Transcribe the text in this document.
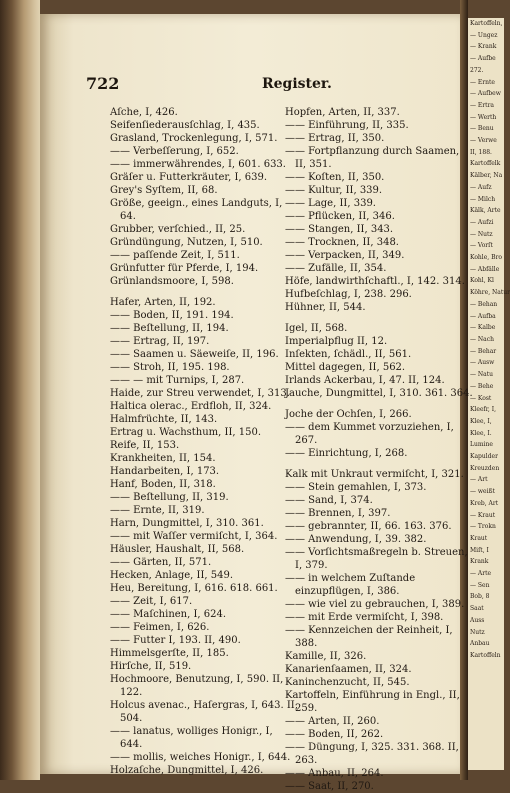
Kartoffeln,
— Ungez
— Krank
— Aufbe
272.
— Ernte
— Aufbew
— Ertra
— Werth
— Benu
— Verwe
II, 188.
Kartoffelk
Kälber, Na
— Aufz
— Milch
Kälk, Arte
— Aufzi
— Nutz
— Vorſt
Kohle, Bro
— Abfälle
Kohl, Kl
Köhre, Natur
— Behan
— Aufba
— Kalbe
— Nach
— Behar
— Ausw
— Natu
— Behe
— Kost
Kleefr, I,
Klee, I,
Klee, I.
Lumine
Kapulder
Kreuzden
— Art
— weißt
Kreb, Art
— Kraut
— Trokn
Kraut
Miſt, I
Krank
— Arte
— Sen
Bob, 8
Saat
Auss
Nutz
Anbau
Kartoffeln
722	Register.
Aſche, I, 426.
Seifenſiederausſchlag, I, 435.
Grasland, Trockenlegung, I, 571.
—— Verbeſſerung, I, 652.
—— immerwährendes, I, 601. 633.
Gräſer u. Futterkräuter, I, 639.
Grey's Syſtem, II, 68.
Größe, geeign., eines Landguts, I, 64.
Grubber, verſchied., II, 25.
Gründüngung, Nutzen, I, 510.
—— paſſende Zeit, I, 511.
Grünfutter für Pferde, I, 194.
Grünlandsmoore, I, 598.
Hafer, Arten, II, 192.
—— Boden, II, 191. 194.
—— Beſtellung, II, 194.
—— Ertrag, II, 197.
—— Saamen u. Säeweiſe, II, 196.
—— Stroh, II, 195. 198.
—— — mit Turnips, I, 287.
Haide, zur Streu verwendet, I, 313.
Haltica olerac., Erdfloh, II, 324.
Halmfrüchte, II, 143.
Ertrag u. Wachsthum, II, 150.
Reife, II, 153.
Krankheiten, II, 154.
Handarbeiten, I, 173.
Hanf, Boden, II, 318.
—— Beſtellung, II, 319.
—— Ernte, II, 319.
Harn, Dungmittel, I, 310. 361.
—— mit Waſſer vermiſcht, I, 364.
Häusler, Haushalt, II, 568.
—— Gärten, II, 571.
Hecken, Anlage, II, 549.
Heu, Bereitung, I, 616. 618. 661.
—— Zeit, I, 617.
—— Maſchinen, I, 624.
—— Feimen, I, 626.
—— Futter I, 193. II, 490.
Himmelsgerſte, II, 185.
Hirſche, II, 519.
Hochmoore, Benutzung, I, 590. II, 122.
Holcus avenac., Haſergras, I, 643. II, 504.
—— lanatus, wolliges Honigr., I, 644.
—— mollis, weiches Honigr., I, 644.
Holzaſche, Dungmittel, I, 426.
Hopfen, Arten, II, 337.
—— Einführung, II, 335.
—— Ertrag, II, 350.
—— Fortpflanzung durch Saamen, II, 351.
—— Koſten, II, 350.
—— Kultur, II, 339.
—— Lage, II, 339.
—— Pflücken, II, 346.
—— Stangen, II, 343.
—— Trocknen, II, 348.
—— Verpacken, II, 349.
—— Zufälle, II, 354.
Höfe, landwirthſchaftl., I, 142. 314.
Hufbeſchlag, I, 238. 296.
Hühner, II, 544.
Igel, II, 568.
Imperialpflug II, 12.
Inſekten, ſchädl., II, 561.
Mittel dagegen, II, 562.
Irlands Ackerbau, I, 47. II, 124.
Jauche, Dungmittel, I, 310. 361. 364.
Joche der Ochſen, I, 266.
—— dem Kummet vorzuziehen, I, 267.
—— Einrichtung, I, 268.
Kalk mit Unkraut vermiſcht, I, 321.
—— Stein gemahlen, I, 373.
—— Sand, I, 374.
—— Brennen, I, 397.
—— gebrannter, II, 66. 163. 376.
—— Anwendung, I, 39. 382.
—— Vorſichtsmaßregeln b. Streuen, I, 379.
—— in welchem Zuſtande einzupflügen, I, 386.
—— wie viel zu gebrauchen, I, 389.
—— mit Erde vermiſcht, I, 398.
—— Kennzeichen der Reinheit, I, 388.
Kamille, II, 326.
Kanarienſaamen, II, 324.
Kaninchenzucht, II, 545.
Kartoffeln, Einführung in Engl., II, 259.
—— Arten, II, 260.
—— Boden, II, 262.
—— Düngung, I, 325. 331. 368. II, 263.
—— Anbau, II, 264.
—— Saat, II, 270.
